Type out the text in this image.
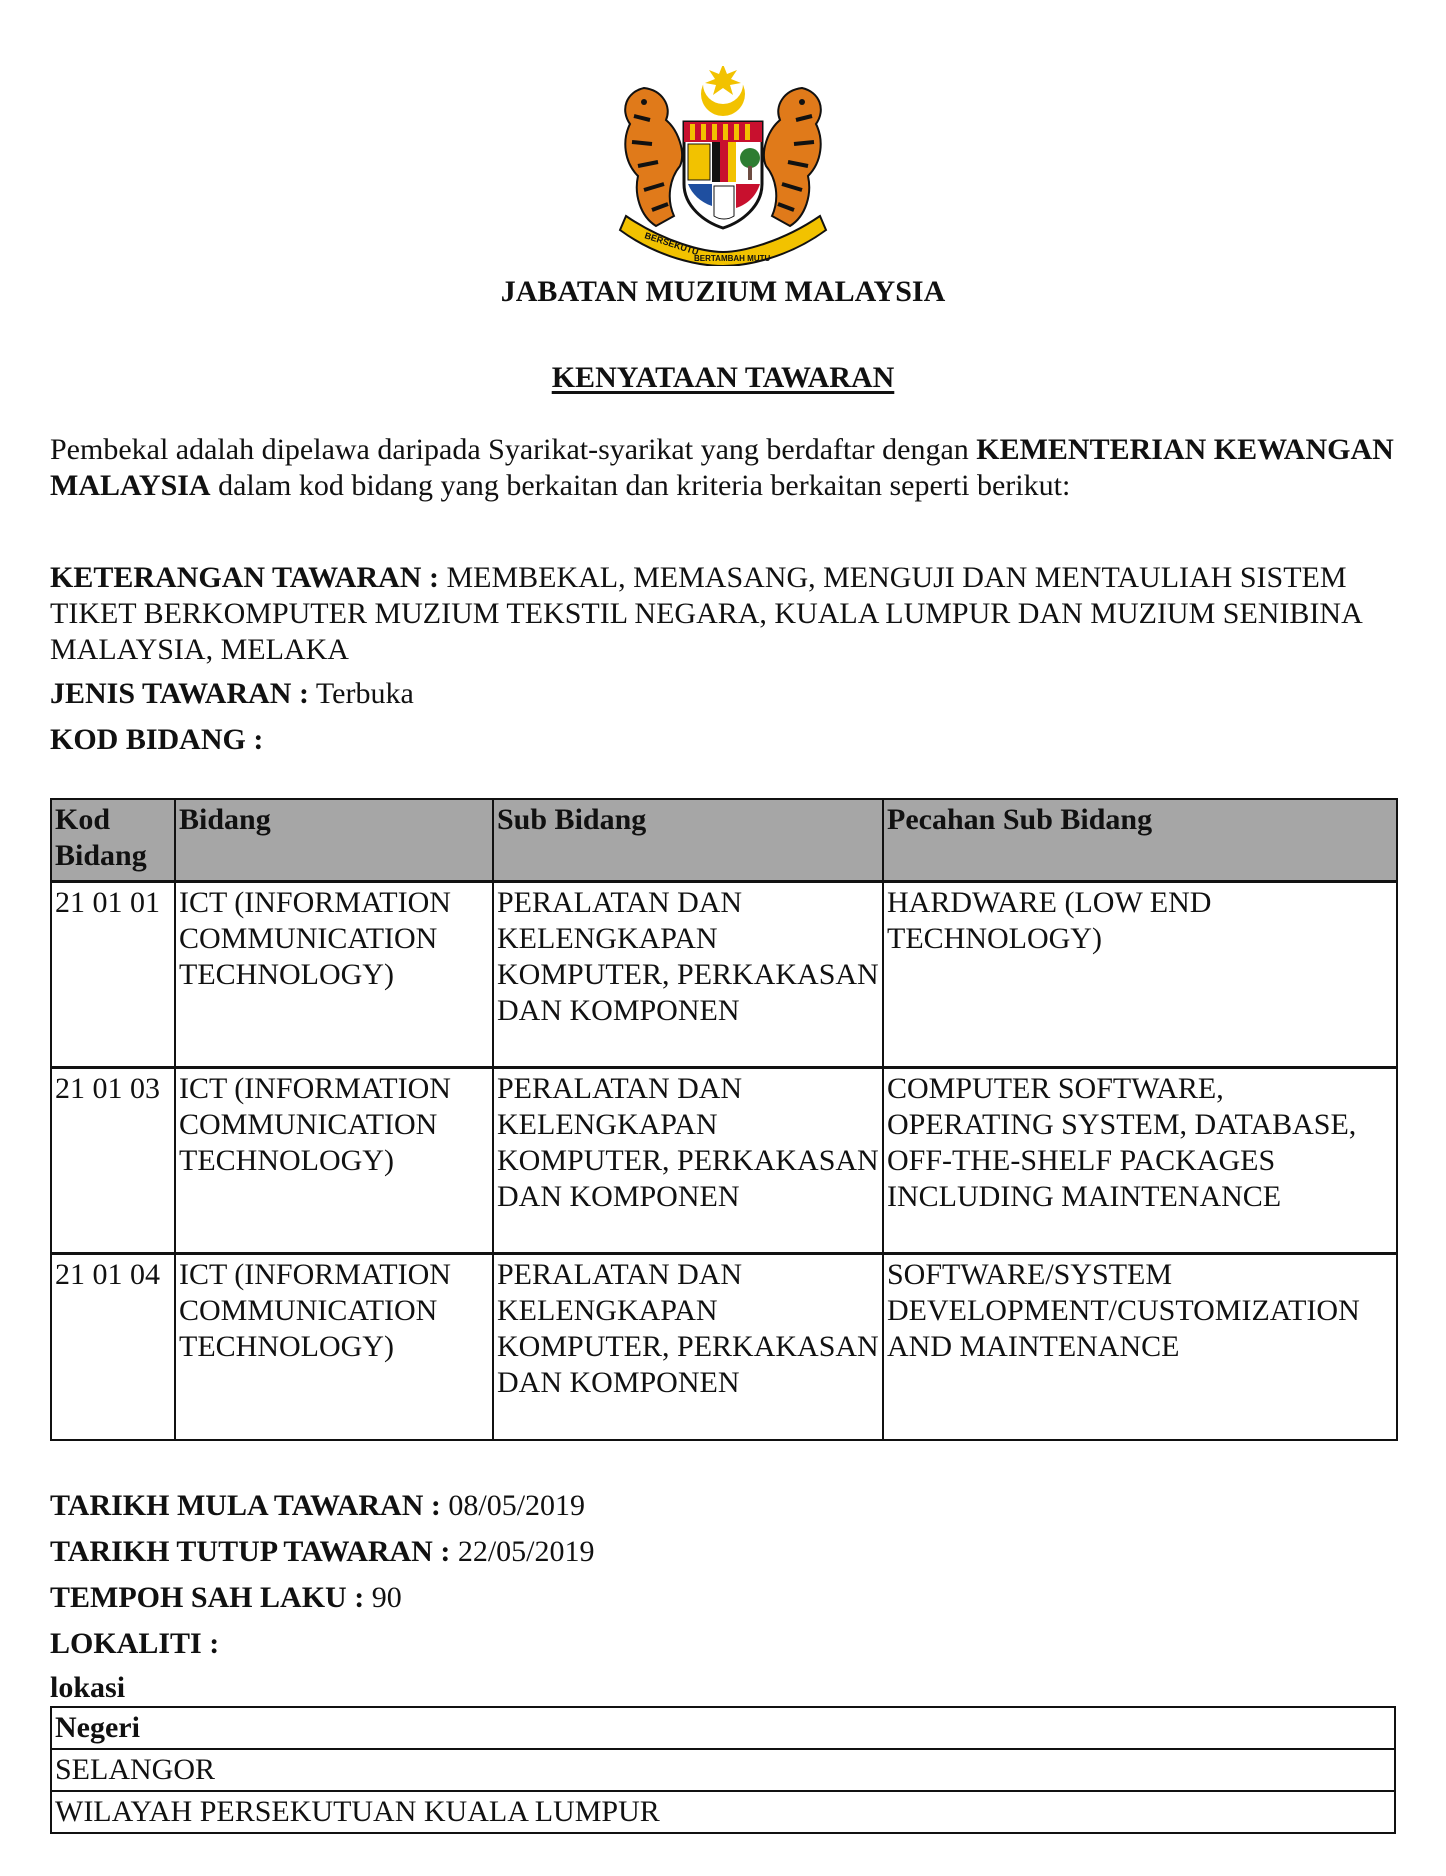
BERSEKUTU
BERTAMBAH MUTU
JABATAN MUZIUM MALAYSIA
KENYATAAN TAWARAN
Pembekal adalah dipelawa daripada Syarikat-syarikat yang berdaftar dengan KEMENTERIAN KEWANGAN MALAYSIA dalam kod bidang yang berkaitan dan kriteria berkaitan seperti berikut:
KETERANGAN TAWARAN : MEMBEKAL, MEMASANG, MENGUJI DAN MENTAULIAH SISTEM TIKET BERKOMPUTER MUZIUM TEKSTIL NEGARA, KUALA LUMPUR DAN MUZIUM SENIBINA MALAYSIA, MELAKA
JENIS TAWARAN : Terbuka
KOD BIDANG :
Kod Bidang	Bidang	Sub Bidang	Pecahan Sub Bidang
21 01 01	ICT (INFORMATION COMMUNICATION TECHNOLOGY)	PERALATAN DAN KELENGKAPAN KOMPUTER, PERKAKASAN DAN KOMPONEN	HARDWARE (LOW END TECHNOLOGY)
21 01 03	ICT (INFORMATION COMMUNICATION TECHNOLOGY)	PERALATAN DAN KELENGKAPAN KOMPUTER, PERKAKASAN DAN KOMPONEN	COMPUTER SOFTWARE, OPERATING SYSTEM, DATABASE, OFF-THE-SHELF PACKAGES INCLUDING MAINTENANCE
21 01 04	ICT (INFORMATION COMMUNICATION TECHNOLOGY)	PERALATAN DAN KELENGKAPAN KOMPUTER, PERKAKASAN DAN KOMPONEN	SOFTWARE/SYSTEM DEVELOPMENT/CUSTOMIZATION AND MAINTENANCE
TARIKH MULA TAWARAN : 08/05/2019
TARIKH TUTUP TAWARAN : 22/05/2019
TEMPOH SAH LAKU : 90
LOKALITI :
lokasi
Negeri
SELANGOR
WILAYAH PERSEKUTUAN KUALA LUMPUR
